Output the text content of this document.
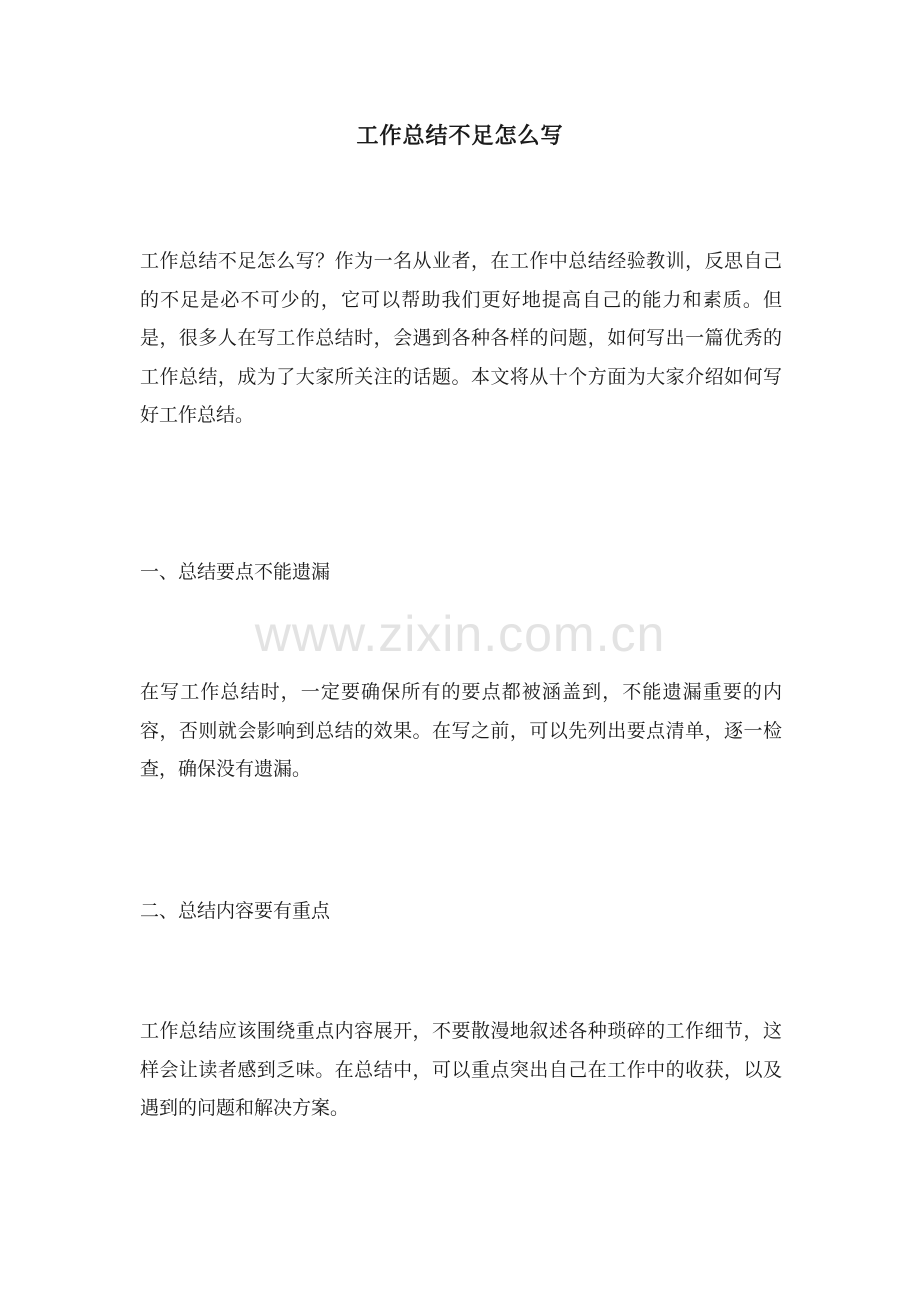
工作总结不足怎么写

工作总结不足怎么写？作为一名从业者，在工作中总结经验教训，反思自己的不足是必不可少的，它可以帮助我们更好地提高自己的能力和素质。但是，很多人在写工作总结时，会遇到各种各样的问题，如何写出一篇优秀的工作总结，成为了大家所关注的话题。本文将从十个方面为大家介绍如何写好工作总结。

一、总结要点不能遗漏

www.zixin.com.cn

在写工作总结时，一定要确保所有的要点都被涵盖到，不能遗漏重要的内容，否则就会影响到总结的效果。在写之前，可以先列出要点清单，逐一检查，确保没有遗漏。

二、总结内容要有重点

工作总结应该围绕重点内容展开，不要散漫地叙述各种琐碎的工作细节，这样会让读者感到乏味。在总结中，可以重点突出自己在工作中的收获，以及遇到的问题和解决方案。
